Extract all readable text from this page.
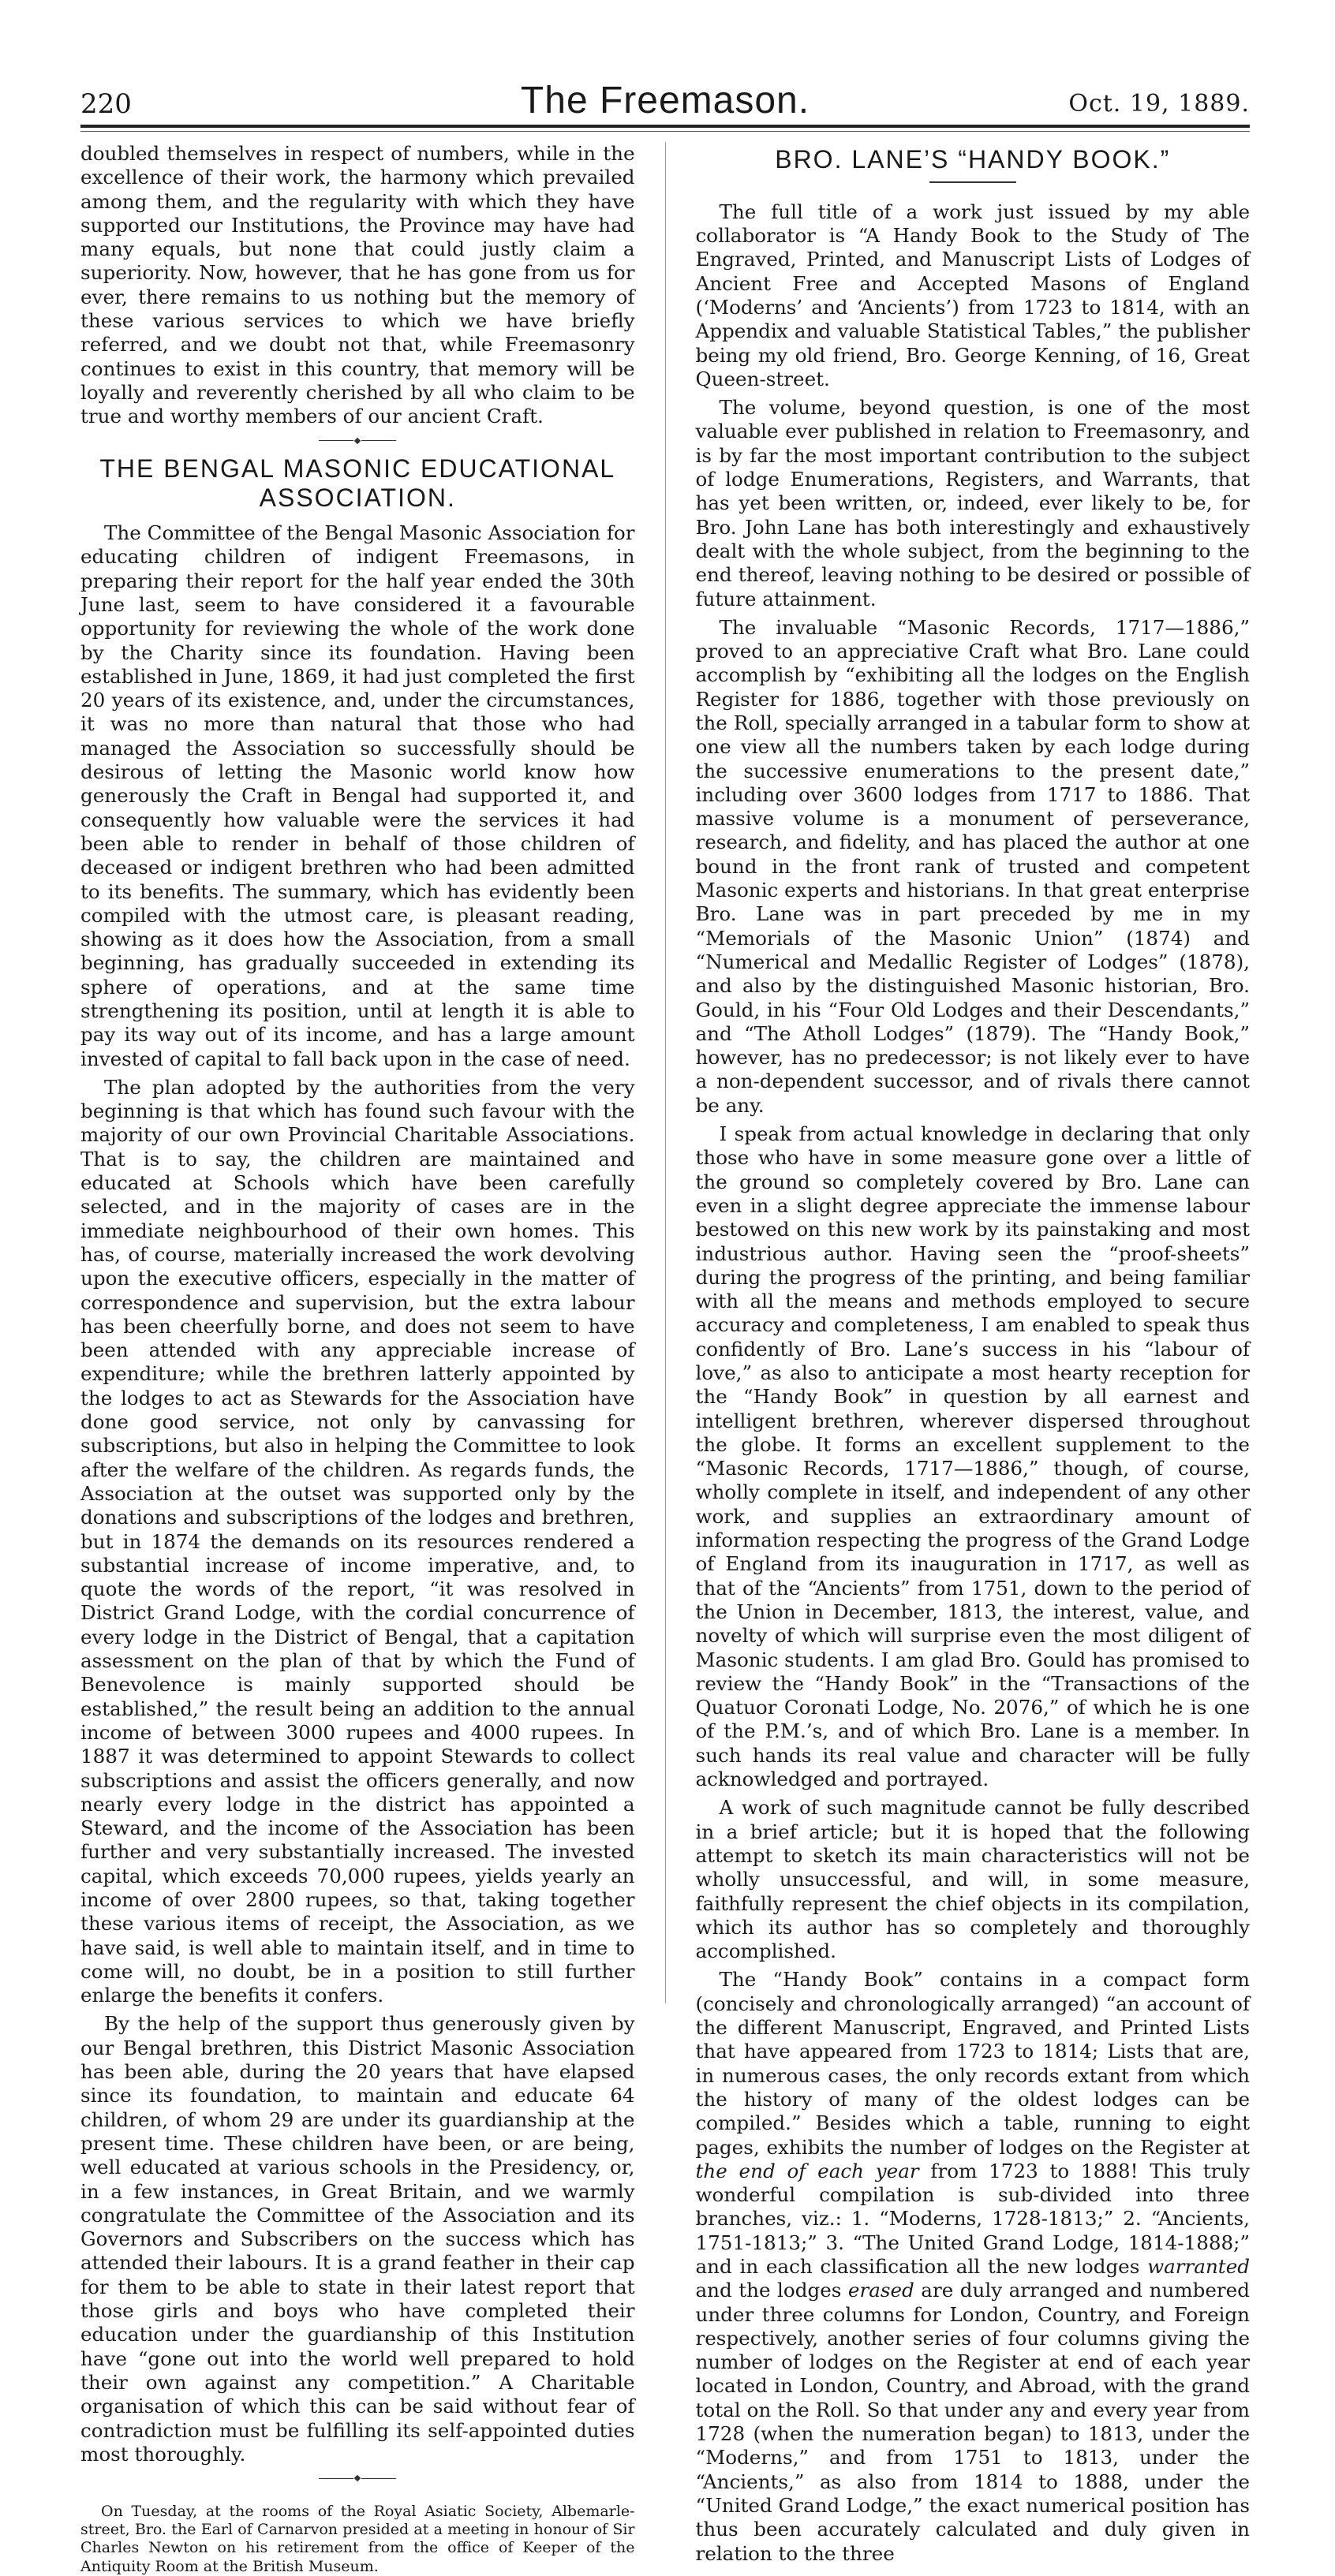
220	The Freemason.	Oct. 19, 1889.

doubled themselves in respect of numbers, while in the excellence of their work, the harmony which prevailed among them, and the regularity with which they have supported our Institutions, the Province may have had many equals, but none that could justly claim a superiority. Now, however, that he has gone from us for ever, there remains to us nothing but the memory of these various services to which we have briefly referred, and we doubt not that, while Freemasonry continues to exist in this country, that memory will be loyally and reverently cherished by all who claim to be true and worthy members of our ancient Craft.

THE BENGAL MASONIC EDUCATIONAL ASSOCIATION.

The Committee of the Bengal Masonic Association for educating children of indigent Freemasons, in preparing their report for the half year ended the 30th June last, seem to have considered it a favourable opportunity for reviewing the whole of the work done by the Charity since its foundation. Having been established in June, 1869, it had just completed the first 20 years of its existence, and, under the circumstances, it was no more than natural that those who had managed the Association so successfully should be desirous of letting the Masonic world know how generously the Craft in Bengal had supported it, and consequently how valuable were the services it had been able to render in behalf of those children of deceased or indigent brethren who had been admitted to its benefits. The summary, which has evidently been compiled with the utmost care, is pleasant reading, showing as it does how the Association, from a small beginning, has gradually succeeded in extending its sphere of operations, and at the same time strengthening its position, until at length it is able to pay its way out of its income, and has a large amount invested of capital to fall back upon in the case of need.

The plan adopted by the authorities from the very beginning is that which has found such favour with the majority of our own Provincial Charitable Associations. That is to say, the children are maintained and educated at Schools which have been carefully selected, and in the majority of cases are in the immediate neighbourhood of their own homes. This has, of course, materially increased the work devolving upon the executive officers, especially in the matter of correspondence and supervision, but the extra labour has been cheerfully borne, and does not seem to have been attended with any appreciable increase of expenditure; while the brethren latterly appointed by the lodges to act as Stewards for the Association have done good service, not only by canvassing for subscriptions, but also in helping the Committee to look after the welfare of the children. As regards funds, the Association at the outset was supported only by the donations and subscriptions of the lodges and brethren, but in 1874 the demands on its resources rendered a substantial increase of income imperative, and, to quote the words of the report, “it was resolved in District Grand Lodge, with the cordial concurrence of every lodge in the District of Bengal, that a capitation assessment on the plan of that by which the Fund of Benevolence is mainly supported should be established,” the result being an addition to the annual income of between 3000 rupees and 4000 rupees. In 1887 it was determined to appoint Stewards to collect subscriptions and assist the officers generally, and now nearly every lodge in the district has appointed a Steward, and the income of the Association has been further and very substantially increased. The invested capital, which exceeds 70,000 rupees, yields yearly an income of over 2800 rupees, so that, taking together these various items of receipt, the Association, as we have said, is well able to maintain itself, and in time to come will, no doubt, be in a position to still further enlarge the benefits it confers.

By the help of the support thus generously given by our Bengal brethren, this District Masonic Association has been able, during the 20 years that have elapsed since its foundation, to maintain and educate 64 children, of whom 29 are under its guardianship at the present time. These children have been, or are being, well educated at various schools in the Presidency, or, in a few instances, in Great Britain, and we warmly congratulate the Committee of the Association and its Governors and Subscribers on the success which has attended their labours. It is a grand feather in their cap for them to be able to state in their latest report that those girls and boys who have completed their education under the guardianship of this Institution have “gone out into the world well prepared to hold their own against any competition.” A Charitable organisation of which this can be said without fear of contradiction must be fulfilling its self-appointed duties most thoroughly.

On Tuesday, at the rooms of the Royal Asiatic Society, Albemarle-street, Bro. the Earl of Carnarvon presided at a meeting in honour of Sir Charles Newton on his retirement from the office of Keeper of the Antiquity Room at the British Museum.

BRO. LANE’S “HANDY BOOK.”

The full title of a work just issued by my able collaborator is “A Handy Book to the Study of The Engraved, Printed, and Manuscript Lists of Lodges of Ancient Free and Accepted Masons of England (‘Moderns’ and ‘Ancients’) from 1723 to 1814, with an Appendix and valuable Statistical Tables,” the publisher being my old friend, Bro. George Kenning, of 16, Great Queen-street.

The volume, beyond question, is one of the most valuable ever published in relation to Freemasonry, and is by far the most important contribution to the subject of lodge Enumerations, Registers, and Warrants, that has yet been written, or, indeed, ever likely to be, for Bro. John Lane has both interestingly and exhaustively dealt with the whole subject, from the beginning to the end thereof, leaving nothing to be desired or possible of future attainment.

The invaluable “Masonic Records, 1717—1886,” proved to an appreciative Craft what Bro. Lane could accomplish by “exhibiting all the lodges on the English Register for 1886, together with those previously on the Roll, specially arranged in a tabular form to show at one view all the numbers taken by each lodge during the successive enumerations to the present date,” including over 3600 lodges from 1717 to 1886. That massive volume is a monument of perseverance, research, and fidelity, and has placed the author at one bound in the front rank of trusted and competent Masonic experts and historians. In that great enterprise Bro. Lane was in part preceded by me in my “Memorials of the Masonic Union” (1874) and “Numerical and Medallic Register of Lodges” (1878), and also by the distinguished Masonic historian, Bro. Gould, in his “Four Old Lodges and their Descendants,” and “The Atholl Lodges” (1879). The “Handy Book,” however, has no predecessor; is not likely ever to have a non-dependent successor, and of rivals there cannot be any.

I speak from actual knowledge in declaring that only those who have in some measure gone over a little of the ground so completely covered by Bro. Lane can even in a slight degree appreciate the immense labour bestowed on this new work by its painstaking and most industrious author. Having seen the “proof-sheets” during the progress of the printing, and being familiar with all the means and methods employed to secure accuracy and completeness, I am enabled to speak thus confidently of Bro. Lane’s success in his “labour of love,” as also to anticipate a most hearty reception for the “Handy Book” in question by all earnest and intelligent brethren, wherever dispersed throughout the globe. It forms an excellent supplement to the “Masonic Records, 1717—1886,” though, of course, wholly complete in itself, and independent of any other work, and supplies an extraordinary amount of information respecting the progress of the Grand Lodge of England from its inauguration in 1717, as well as that of the “Ancients” from 1751, down to the period of the Union in December, 1813, the interest, value, and novelty of which will surprise even the most diligent of Masonic students. I am glad Bro. Gould has promised to review the “Handy Book” in the “Transactions of the Quatuor Coronati Lodge, No. 2076,” of which he is one of the P.M.’s, and of which Bro. Lane is a member. In such hands its real value and character will be fully acknowledged and portrayed.

A work of such magnitude cannot be fully described in a brief article; but it is hoped that the following attempt to sketch its main characteristics will not be wholly unsuccessful, and will, in some measure, faithfully represent the chief objects in its compilation, which its author has so completely and thoroughly accomplished.

The “Handy Book” contains in a compact form (concisely and chronologically arranged) “an account of the different Manuscript, Engraved, and Printed Lists that have appeared from 1723 to 1814; Lists that are, in numerous cases, the only records extant from which the history of many of the oldest lodges can be compiled.” Besides which a table, running to eight pages, exhibits the number of lodges on the Register at the end of each year from 1723 to 1888! This truly wonderful compilation is sub-divided into three branches, viz.: 1. “Moderns, 1728-1813;” 2. “Ancients, 1751-1813;” 3. “The United Grand Lodge, 1814-1888;” and in each classification all the new lodges warranted and the lodges erased are duly arranged and numbered under three columns for London, Country, and Foreign respectively, another series of four columns giving the number of lodges on the Register at end of each year located in London, Country, and Abroad, with the grand total on the Roll. So that under any and every year from 1728 (when the numeration began) to 1813, under the “Moderns,” and from 1751 to 1813, under the “Ancients,” as also from 1814 to 1888, under the “United Grand Lodge,” the exact numerical position has thus been accurately calculated and duly given in relation to the three
